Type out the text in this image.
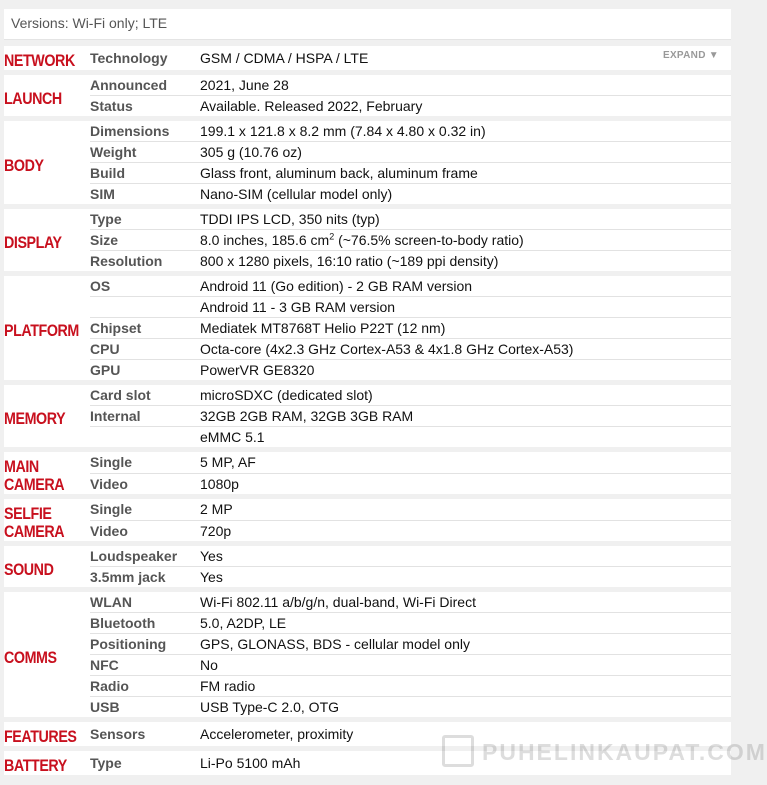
Versions: Wi-Fi only; LTE
NETWORK	Technology	GSM / CDMA / HSPA / LTE EXPAND ▼

LAUNCH	Announced	2021, June 28
	Status	Available. Released 2022, February

BODY	Dimensions	199.1 x 121.8 x 8.2 mm (7.84 x 4.80 x 0.32 in)
	Weight	305 g (10.76 oz)
	Build	Glass front, aluminum back, aluminum frame
	SIM	Nano-SIM (cellular model only)

DISPLAY	Type	TDDI IPS LCD, 350 nits (typ)
	Size	8.0 inches, 185.6 $cm^2$ (~76.5% screen-to-body ratio)
	Resolution	800 x 1280 pixels, 16:10 ratio (~189 ppi density)

PLATFORM	OS	Android 11 (Go edition) - 2 GB RAM version
		Android 11 - 3 GB RAM version
	Chipset	Mediatek MT8768T Helio P22T (12 nm)
	CPU	Octa-core (4x2.3 GHz Cortex-A53 & 4x1.8 GHz Cortex-A53)
	GPU	PowerVR GE8320

MEMORY	Card slot	microSDXC (dedicated slot)
	Internal	32GB 2GB RAM, 32GB 3GB RAM
		eMMC 5.1

MAIN CAMERA	Single	5 MP, AF
	Video	1080p

SELFIE CAMERA	Single	2 MP
	Video	720p

SOUND	Loudspeaker	Yes
	3.5mm jack	Yes

COMMS	WLAN	Wi-Fi 802.11 a/b/g/n, dual-band, Wi-Fi Direct
	Bluetooth	5.0, A2DP, LE
	Positioning	GPS, GLONASS, BDS - cellular model only
	NFC	No
	Radio	FM radio
	USB	USB Type-C 2.0, OTG

FEATURES	Sensors	Accelerometer, proximity

BATTERY	Type	Li-Po 5100 mAh
